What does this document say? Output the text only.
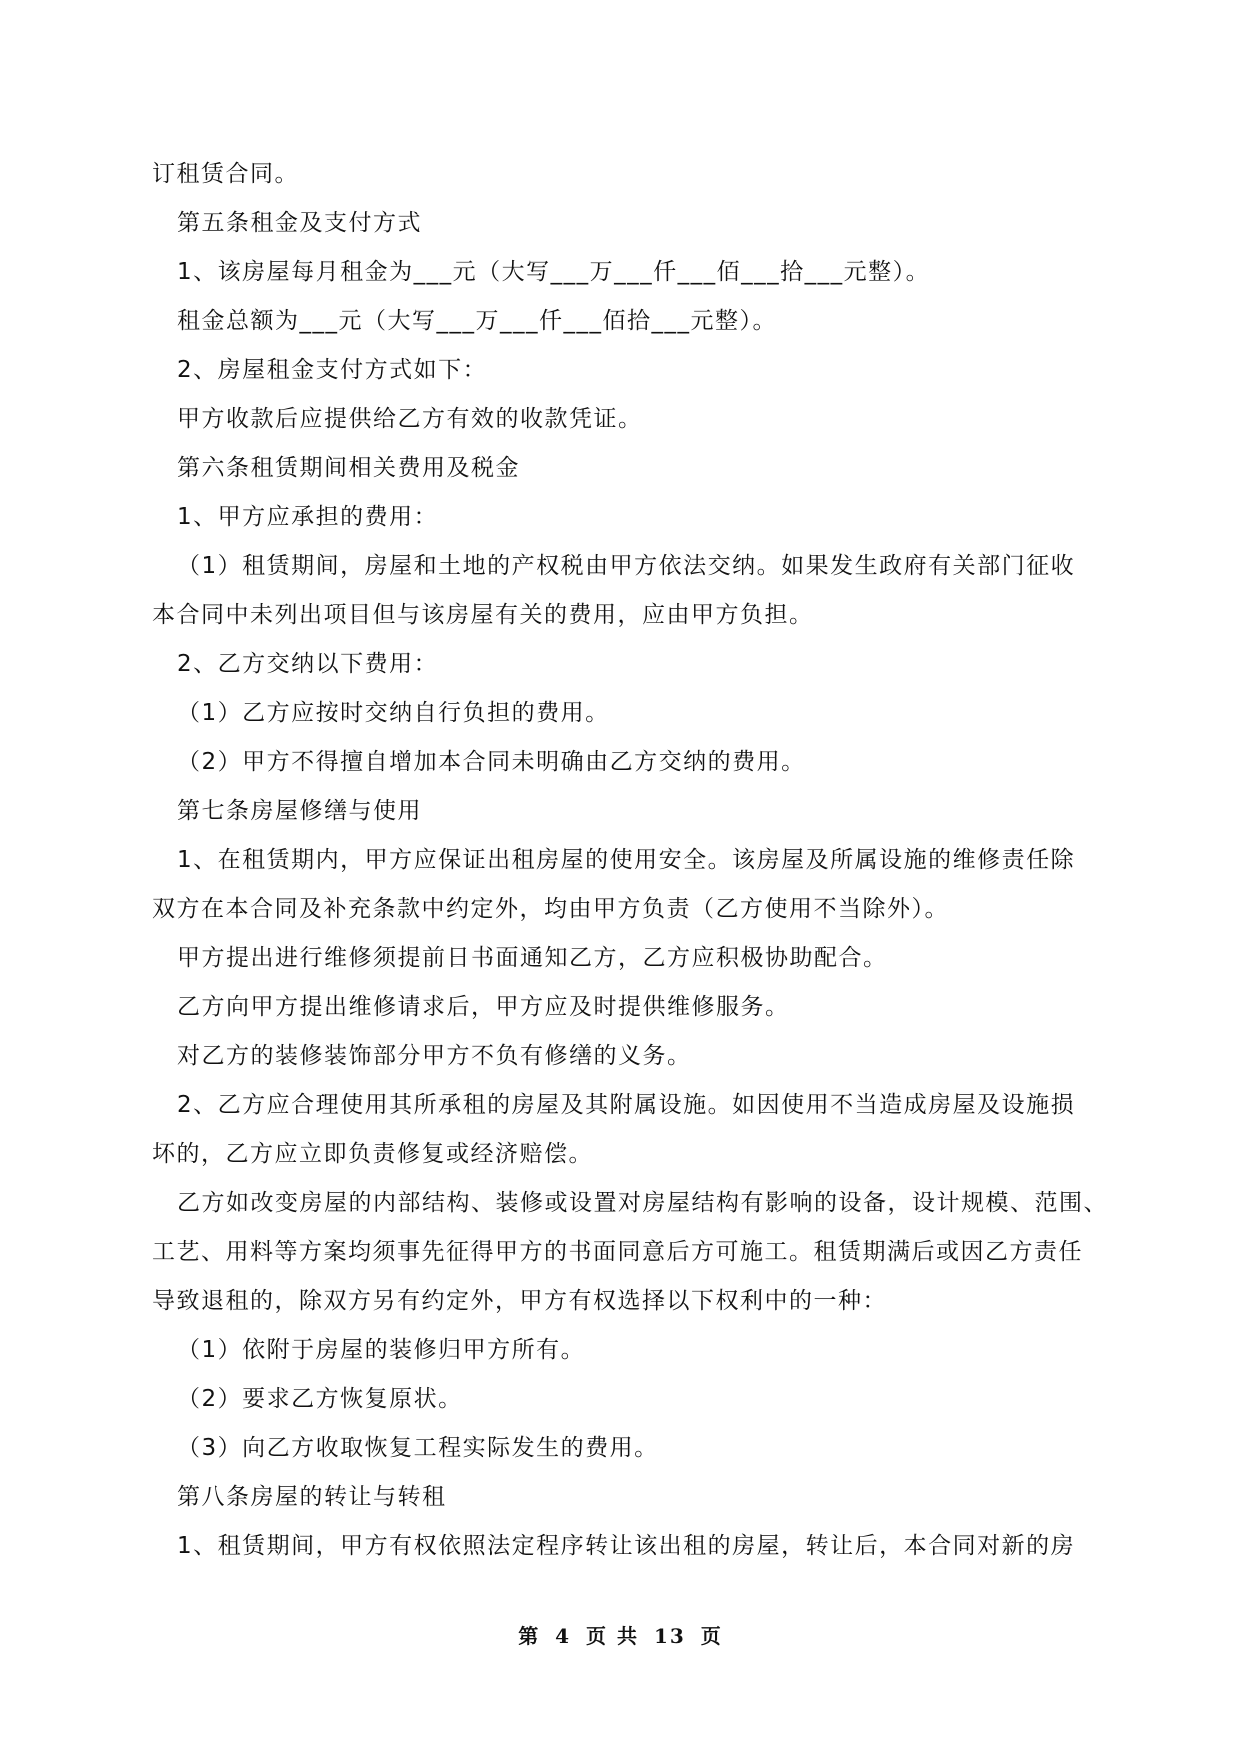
订租赁合同。
第五条租金及支付方式
1、该房屋每月租金为___元（大写___万___仟___佰___拾___元整）。
租金总额为___元（大写___万___仟___佰拾___元整）。
2、房屋租金支付方式如下：
甲方收款后应提供给乙方有效的收款凭证。
第六条租赁期间相关费用及税金
1、甲方应承担的费用：
（1）租赁期间，房屋和土地的产权税由甲方依法交纳。如果发生政府有关部门征收
本合同中未列出项目但与该房屋有关的费用，应由甲方负担。
2、乙方交纳以下费用：
（1）乙方应按时交纳自行负担的费用。
（2）甲方不得擅自增加本合同未明确由乙方交纳的费用。
第七条房屋修缮与使用
1、在租赁期内，甲方应保证出租房屋的使用安全。该房屋及所属设施的维修责任除
双方在本合同及补充条款中约定外，均由甲方负责（乙方使用不当除外）。
甲方提出进行维修须提前日书面通知乙方，乙方应积极协助配合。
乙方向甲方提出维修请求后，甲方应及时提供维修服务。
对乙方的装修装饰部分甲方不负有修缮的义务。
2、乙方应合理使用其所承租的房屋及其附属设施。如因使用不当造成房屋及设施损
坏的，乙方应立即负责修复或经济赔偿。
乙方如改变房屋的内部结构、装修或设置对房屋结构有影响的设备，设计规模、范围、
工艺、用料等方案均须事先征得甲方的书面同意后方可施工。租赁期满后或因乙方责任
导致退租的，除双方另有约定外，甲方有权选择以下权利中的一种：
（1）依附于房屋的装修归甲方所有。
（2）要求乙方恢复原状。
（3）向乙方收取恢复工程实际发生的费用。
第八条房屋的转让与转租
1、租赁期间，甲方有权依照法定程序转让该出租的房屋，转让后，本合同对新的房
第 4 页 共 13 页
